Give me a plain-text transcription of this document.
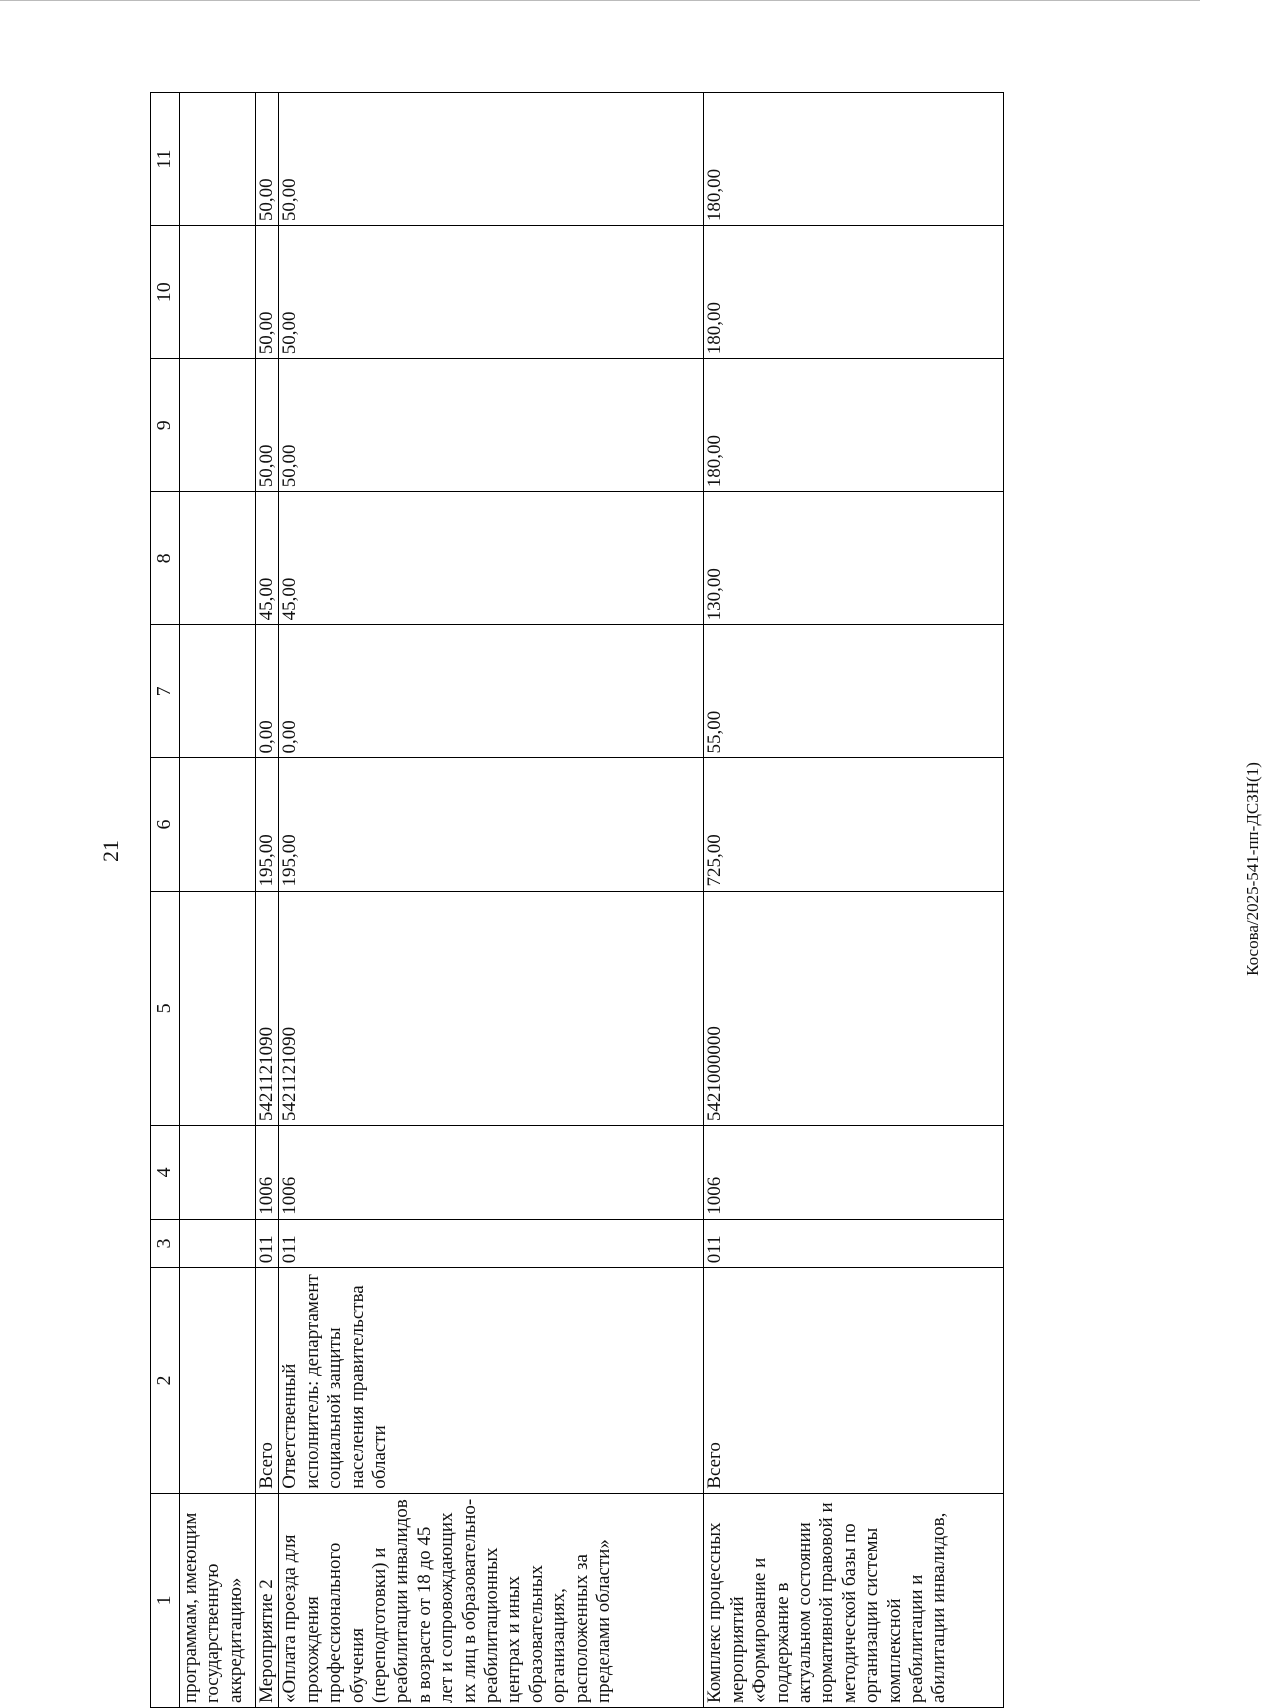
21	Косова/2025-541-пп-ДСЗН(1)
1	2	3	4	5	6	7	8	9	10	11
программам, имеющим государственную аккредитацию»										
Мероприятие 2	Всего	011	1006	5421121090	195,00	0,00	45,00	50,00	50,00	50,00
«Оплата проезда для прохождения профессионального обучения (переподготовки) и реабилитации инвалидов в возрасте от 18 до 45 лет и сопровождающих их лиц в образовательно-реабилитационных центрах и иных образовательных организациях, расположенных за пределами области»	Ответственный исполнитель: департамент социальной защиты населения правительства области	011	1006	5421121090	195,00	0,00	45,00	50,00	50,00	50,00
Комплекс процессных мероприятий «Формирование и поддержание в актуальном состоянии нормативной правовой и методической базы по организации системы комплексной реабилитации и абилитации инвалидов,	Всего	011	1006	5421000000	725,00	55,00	130,00	180,00	180,00	180,00
